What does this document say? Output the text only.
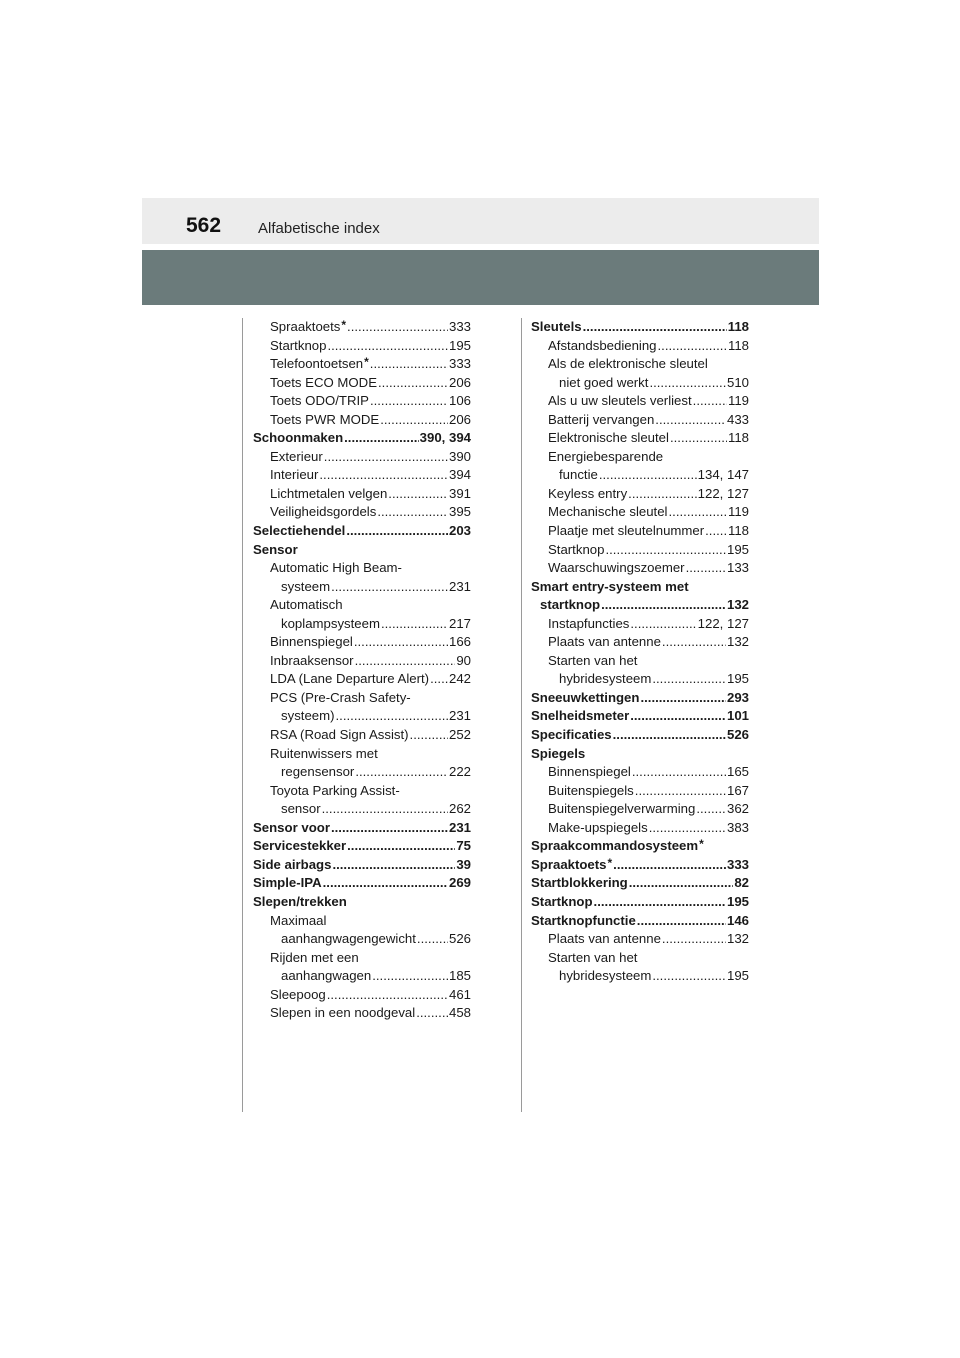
562 Alfabetische index
Spraaktoets* .....	333
Startknop .....	195
Telefoontoetsen* .....	333
Toets ECO MODE .....	206
Toets ODO/TRIP .....	106
Toets PWR MODE .....	206
Schoonmaken .....	390, 394
Exterieur .....	390
Interieur .....	394
Lichtmetalen velgen .....	391
Veiligheidsgordels .....	395
Selectiehendel .....	203
Sensor
Automatic High Beam-
systeem .....	231
Automatisch
koplampsysteem .....	217
Binnenspiegel .....	166
Inbraaksensor .....	90
LDA (Lane Departure Alert) ..... 242
PCS (Pre-Crash Safety-
systeem) .....	231
RSA (Road Sign Assist) .....	252
Ruitenwissers met
regensensor .....	222
Toyota Parking Assist-
sensor .....	262
Sensor voor .....	231
Servicestekker .....	75
Side airbags .....	39
Simple-IPA .....	269
Slepen/trekken
Maximaal
aanhangwagengewicht .....	526
Rijden met een
aanhangwagen .....	185
Sleepoog .....	461
Slepen in een noodgeval .....	458
Sleutels .....	118
Afstandsbediening .....	118
Als de elektronische sleutel
niet goed werkt .....	510
Als u uw sleutels verliest .....	119
Batterij vervangen .....	433
Elektronische sleutel .....	118
Energiebesparende
functie .....	134, 147
Keyless entry .....	122, 127
Mechanische sleutel .....	119
Plaatje met sleutelnummer ..... 118
Startknop .....	195
Waarschuwingszoemer .....	133
Smart entry-systeem met
startknop .....	132
Instapfuncties .....	122, 127
Plaats van antenne .....	132
Starten van het
hybridesysteem .....	195
Sneeuwkettingen .....	293
Snelheidsmeter .....	101
Specificaties .....	526
Spiegels
Binnenspiegel .....	165
Buitenspiegels .....	167
Buitenspiegelverwarming ..... 362
Make-upspiegels .....	383
Spraakcommandosysteem*
Spraaktoets* .....	333
Startblokkering .....	82
Startknop .....	195
Startknopfunctie .....	146
Plaats van antenne .....	132
Starten van het
hybridesysteem .....	195
